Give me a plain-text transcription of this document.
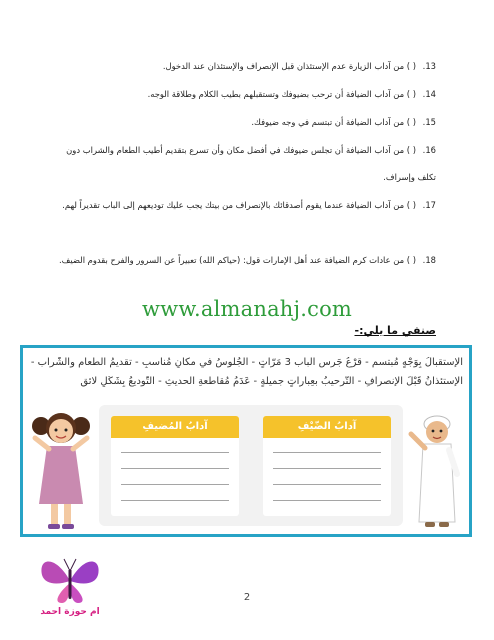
13. ( ) من آداب الزيارة عدم الإستئذان قبل الإنصراف والإستئذان عند الدخول.
14. ( ) من آداب الضيافة أن ترحب بضيوفك وتستقبلهم بطيب الكلام وطلاقة الوجه.
15. ( ) من آداب الضيافة أن تبتسم في وجه ضيوفك.
16. ( ) من آداب الضيافة أن تجلس ضيوفك في أفضل مكان وأن تسرع بتقديم أطيب الطعام والشراب دون تكلف وإسراف.
17. ( ) من آداب الضيافة عندما يقوم أصدقائك بالإنصراف من بيتك يجب عليك توديعهم إلى الباب تقديراً لهم.
18. ( ) من عادات كرم الضيافة عند أهل الإمارات قول: (حياكم الله) تعبيراً عن السرور والفرح بقدوم الضيف.
www.almanahj.com
صنفي ما يلي:-
الإستقبالُ بِوَجْهٍ مُبتسم - قرْعُ جَرسِ الباب 3 مَرّاتٍ - الجُلوسُ في مكانٍ مُناسبٍ - تقديمُ الطّعامِ والشّراب -
الإستئذانُ قَبْلَ الإنصرافِ - التّرحيبُ بعِباراتٍ جميلةٍ - عَدَمُ مُقاطعةِ الحديثِ - التّوديعُ بِشَكْلٍ لائق
آدابُ المُضيفِ	آدابُ الضّيْفِ
ام حوزة احمد
2
